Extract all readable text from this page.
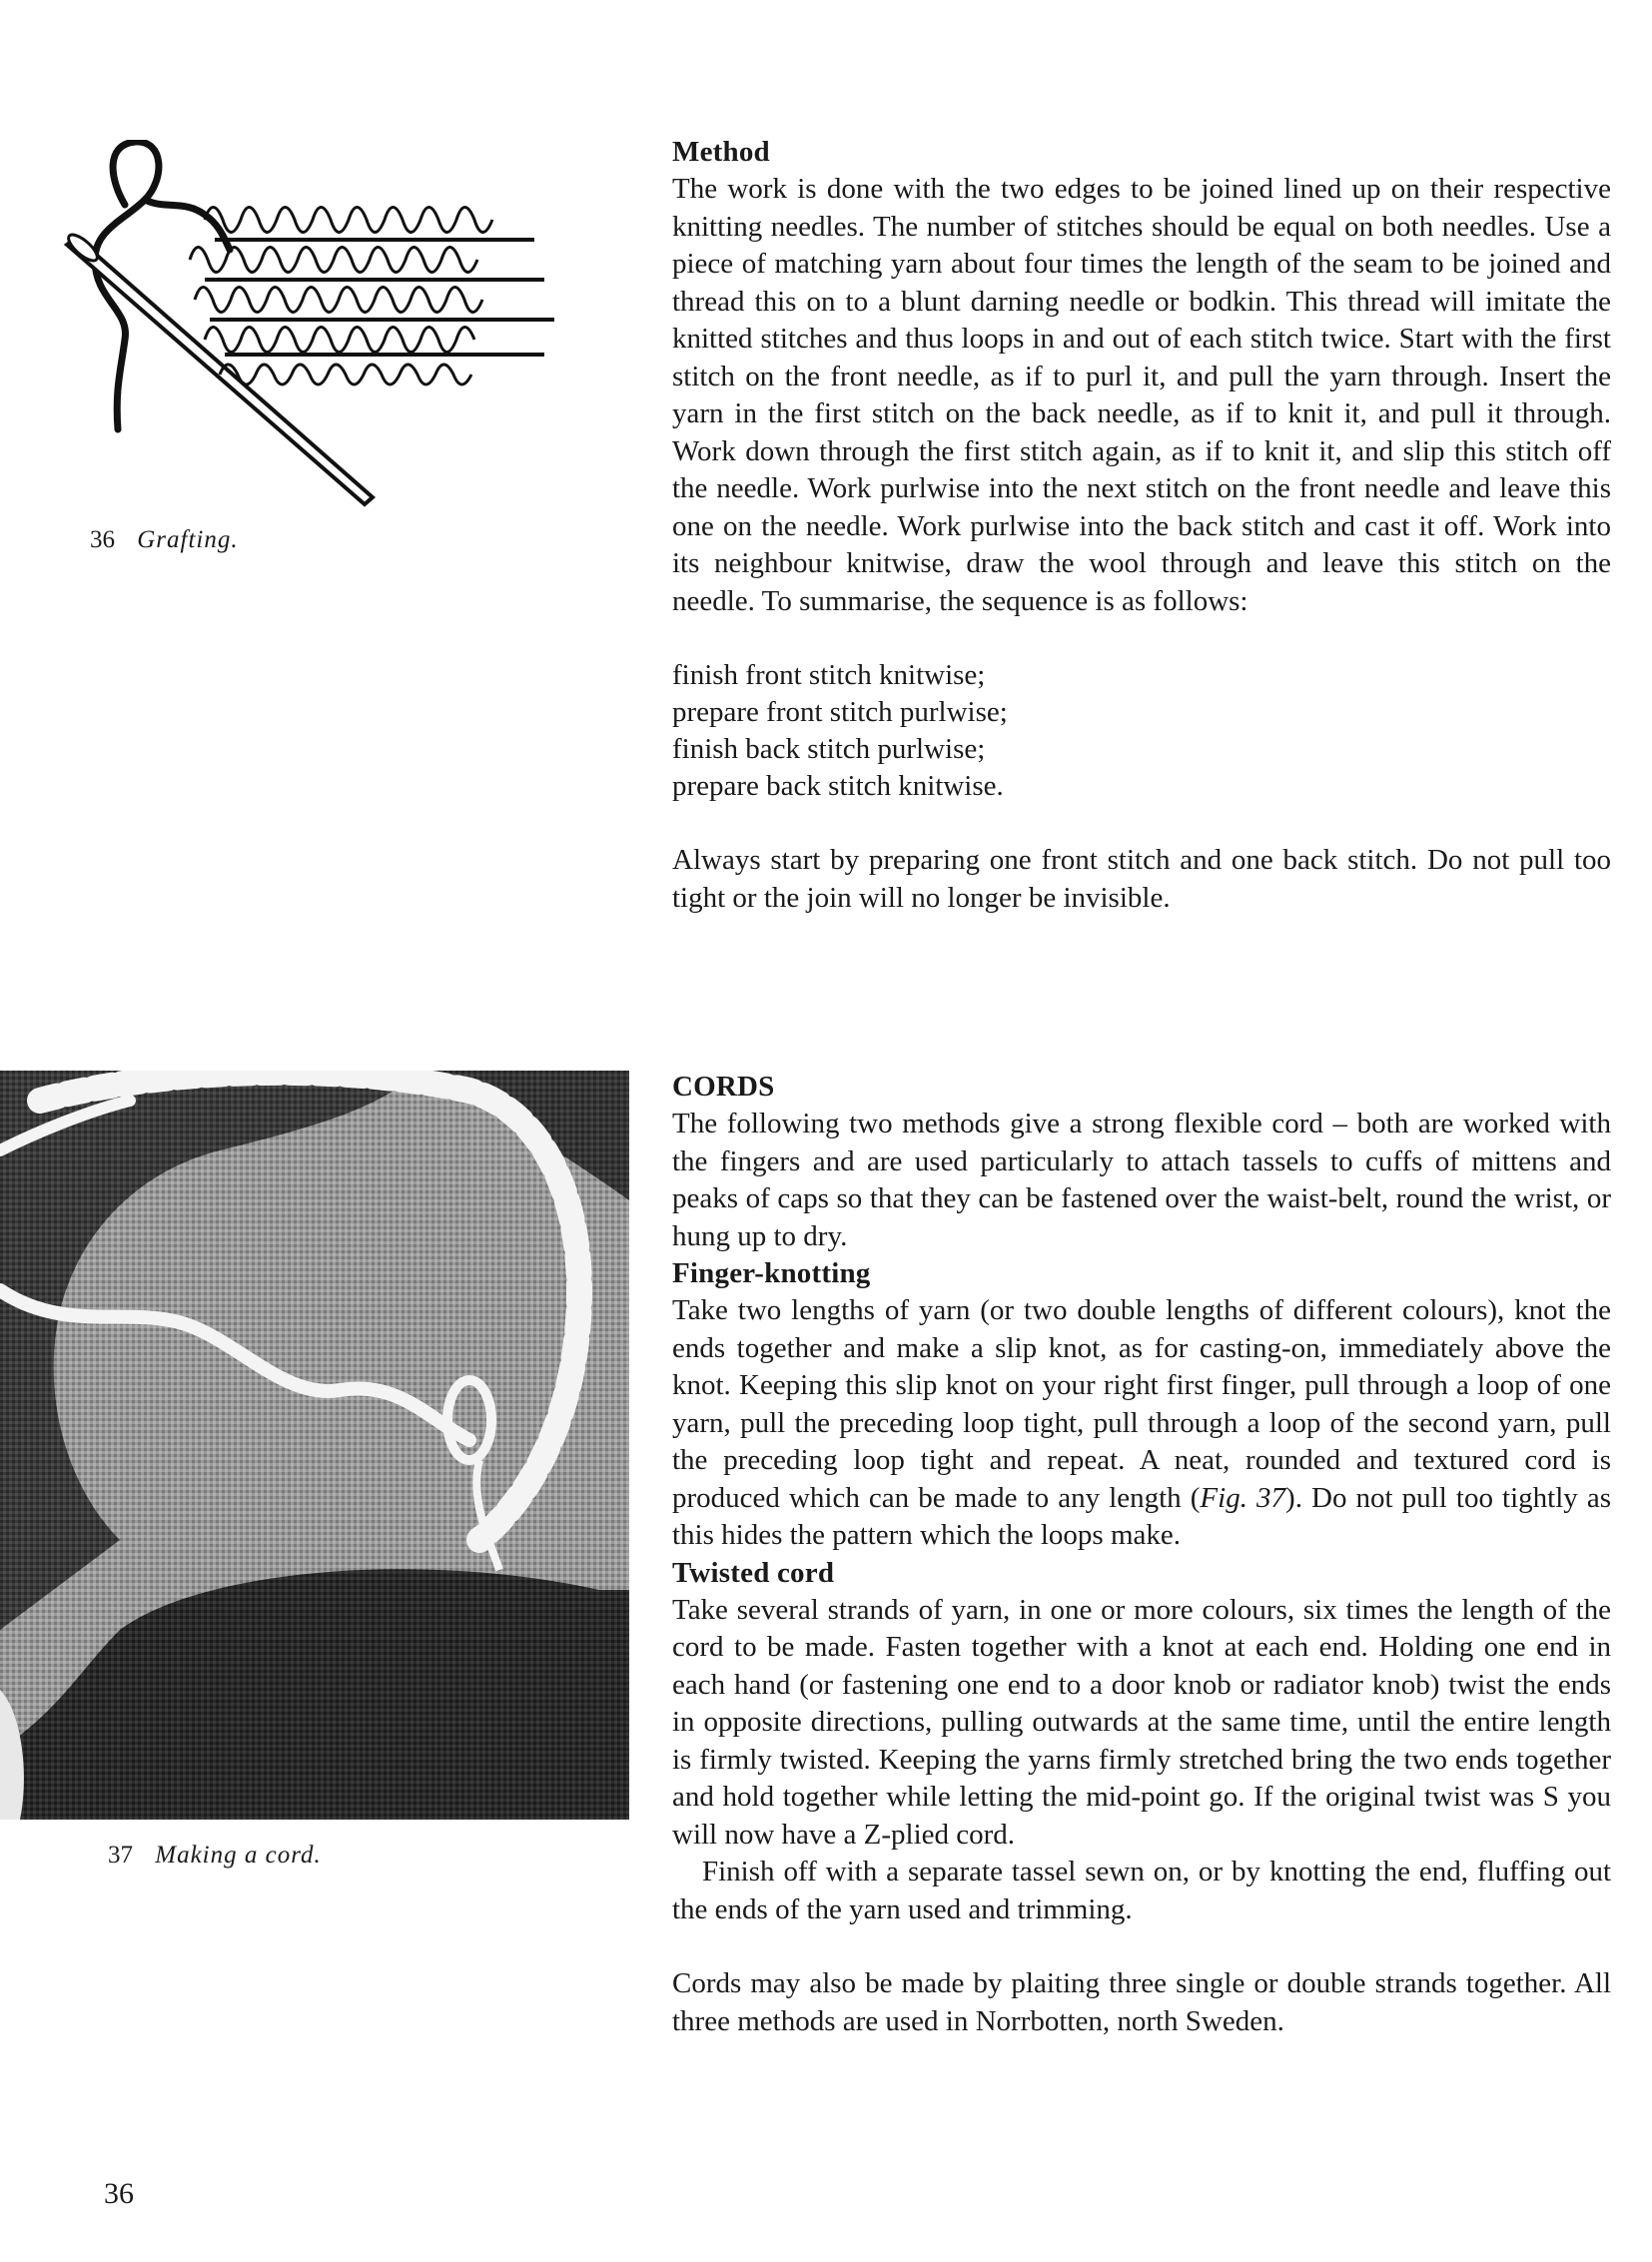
36 Grafting.

Method

The work is done with the two edges to be joined lined up on their respective knitting needles. The number of stitches should be equal on both needles. Use a piece of matching yarn about four times the length of the seam to be joined and thread this on to a blunt darning needle or bodkin. This thread will imitate the knitted stitches and thus loops in and out of each stitch twice. Start with the first stitch on the front needle, as if to purl it, and pull the yarn through. Insert the yarn in the first stitch on the back needle, as if to knit it, and pull it through. Work down through the first stitch again, as if to knit it, and slip this stitch off the needle. Work purlwise into the next stitch on the front needle and leave this one on the needle. Work purlwise into the back stitch and cast it off. Work into its neighbour knitwise, draw the wool through and leave this stitch on the needle. To summarise, the sequence is as follows:

finish front stitch knitwise;
prepare front stitch purlwise;
finish back stitch purlwise;
prepare back stitch knitwise.

Always start by preparing one front stitch and one back stitch. Do not pull too tight or the join will no longer be invisible.

37 Making a cord.

CORDS

The following two methods give a strong flexible cord – both are worked with the fingers and are used particularly to attach tassels to cuffs of mittens and peaks of caps so that they can be fastened over the waist-belt, round the wrist, or hung up to dry.

Finger-knotting

Take two lengths of yarn (or two double lengths of different colours), knot the ends together and make a slip knot, as for casting-on, immediately above the knot. Keeping this slip knot on your right first finger, pull through a loop of one yarn, pull the preceding loop tight, pull through a loop of the second yarn, pull the preceding loop tight and repeat. A neat, rounded and textured cord is produced which can be made to any length (Fig. 37). Do not pull too tightly as this hides the pattern which the loops make.

Twisted cord

Take several strands of yarn, in one or more colours, six times the length of the cord to be made. Fasten together with a knot at each end. Holding one end in each hand (or fastening one end to a door knob or radiator knob) twist the ends in opposite directions, pulling outwards at the same time, until the entire length is firmly twisted. Keeping the yarns firmly stretched bring the two ends together and hold together while letting the mid-point go. If the original twist was S you will now have a Z-plied cord.

Finish off with a separate tassel sewn on, or by knotting the end, fluffing out the ends of the yarn used and trimming.

Cords may also be made by plaiting three single or double strands together. All three methods are used in Norrbotten, north Sweden.

36
